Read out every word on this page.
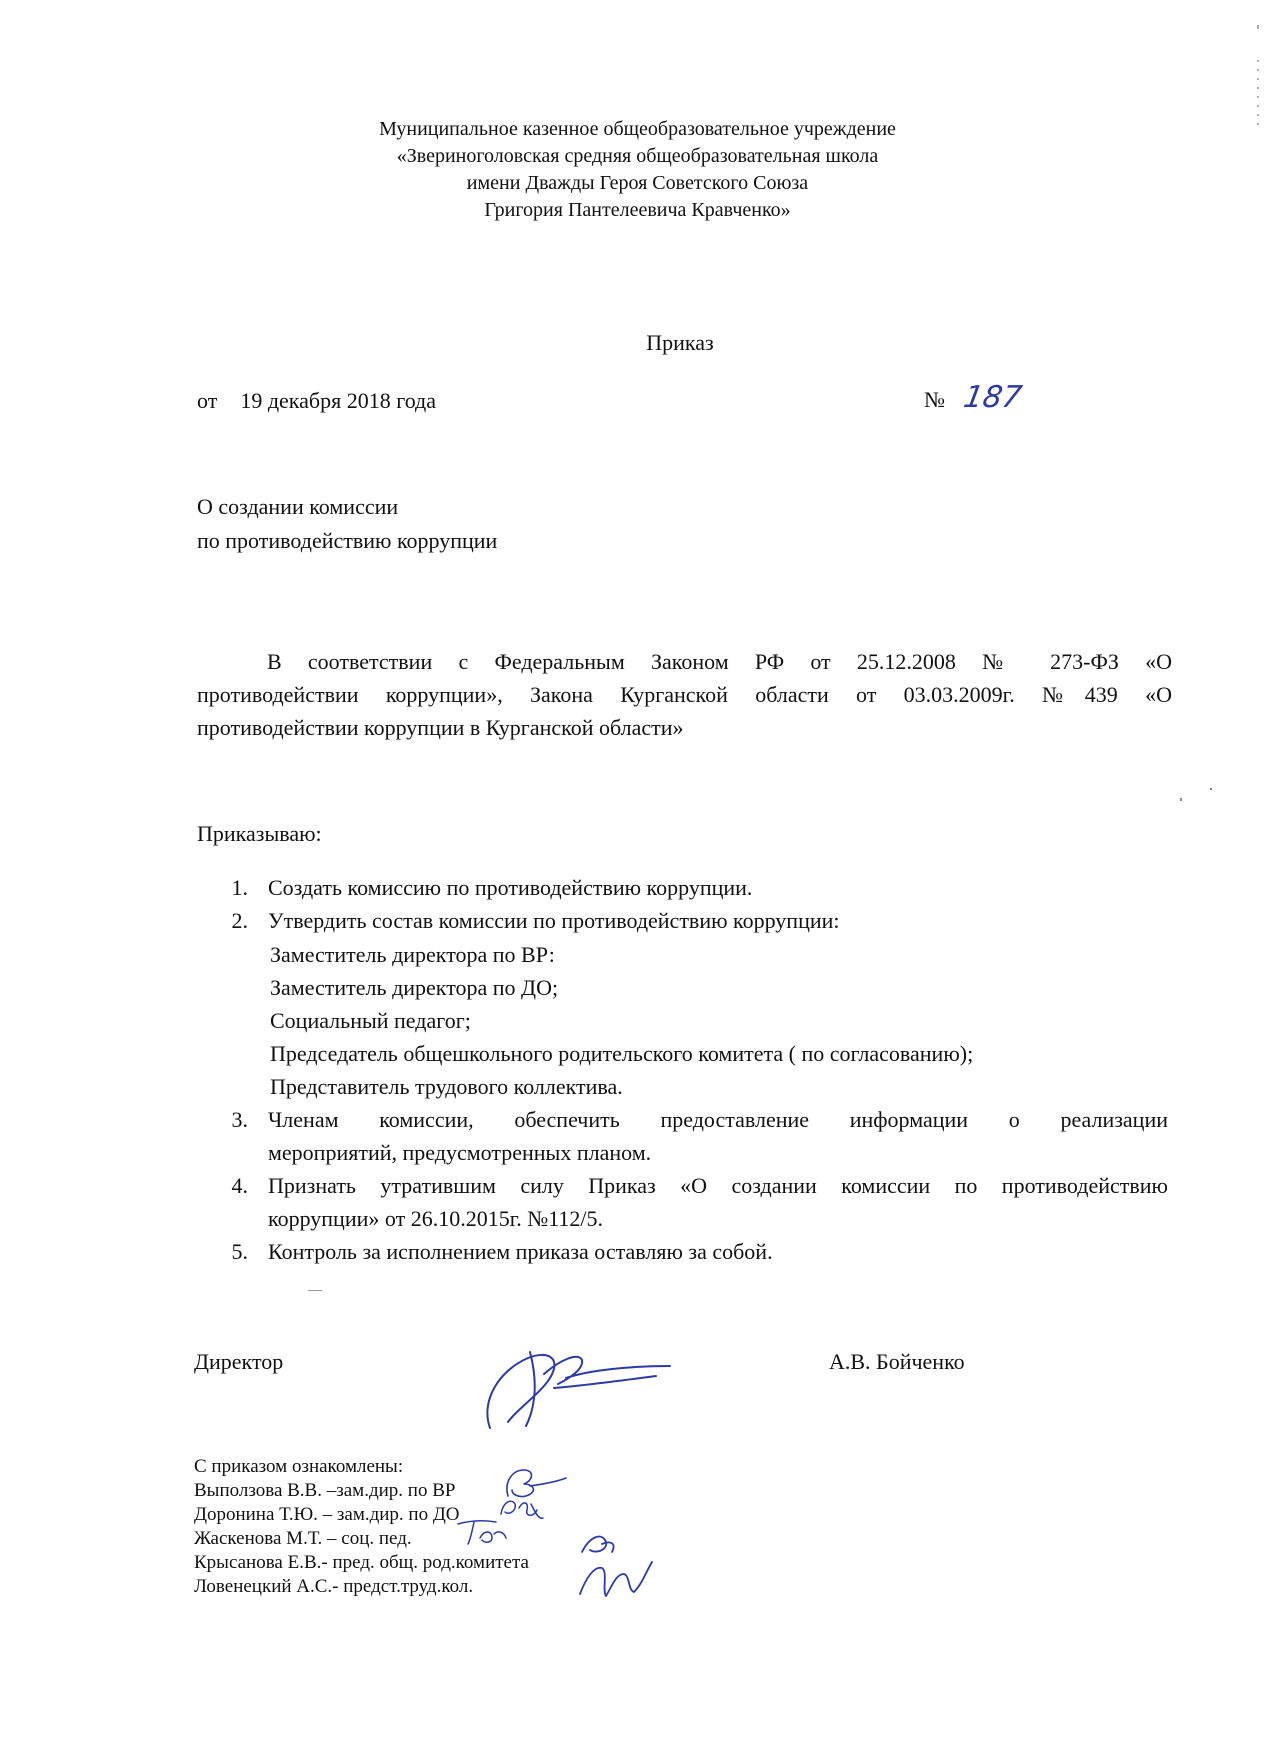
Муниципальное казенное общеобразовательное учреждение
«Звериноголовская средняя общеобразовательная школа
имени Дважды Героя Советского Союза
Григория Пантелеевича Кравченко»
Приказ
от 19 декабря 2018 года	№ 187
О создании комиссии
по противодействию коррупции
В соответствии с Федеральным Законом РФ от 25.12.2008 № 273-ФЗ «О
противодействии коррупции», Закона Курганской области от 03.03.2009г. №439 «О
противодействии коррупции в Курганской области»
Приказываю:
1. Создать комиссию по противодействию коррупции.
2. Утвердить состав комиссии по противодействию коррупции:
Заместитель директора по ВР:
Заместитель директора по ДО;
Социальный педагог;
Председатель общешкольного родительского комитета ( по согласованию);
Представитель трудового коллектива.
3. Членам комиссии, обеспечить предоставление информации о реализации
мероприятий, предусмотренных планом.
4. Признать утратившим силу Приказ «О создании комиссии по противодействию
коррупции» от 26.10.2015г. №112/5.
5. Контроль за исполнением приказа оставляю за собой.
Директор	А.В. Бойченко
С приказом ознакомлены:
Выползова В.В. –зам.дир. по ВР
Доронина Т.Ю. – зам.дир. по ДО
Жаскенова М.Т. – соц. пед.
Крысанова Е.В.- пред. общ. род.комитета
Ловенецкий А.С.- предст.труд.кол.
